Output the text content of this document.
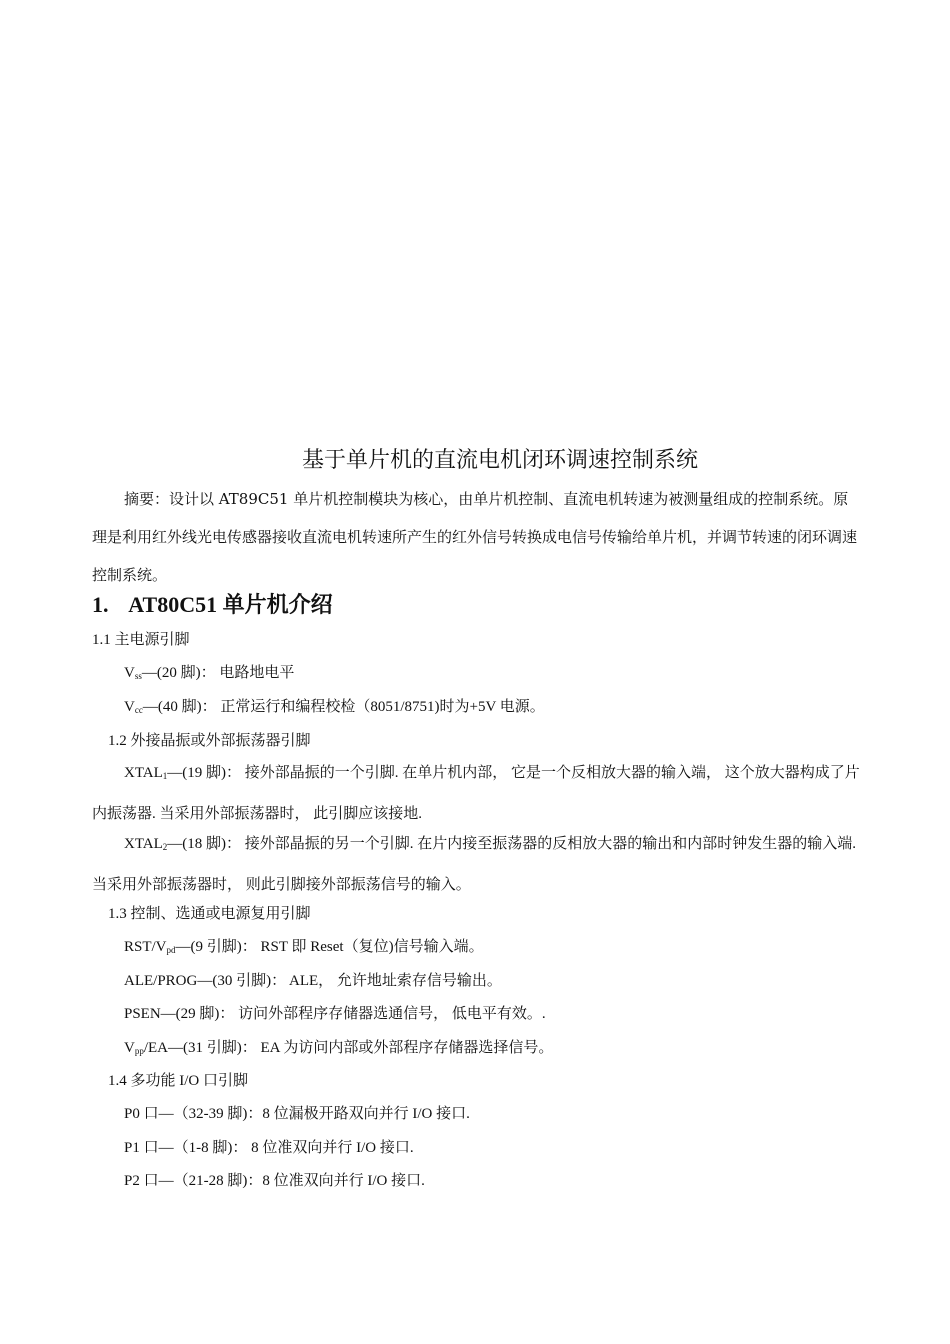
基于单片机的直流电机闭环调速控制系统
摘要：设计以 AT89C51 单片机控制模块为核心，由单片机控制、直流电机转速为被测量组成的控制系统。原理是利用红外线光电传感器接收直流电机转速所产生的红外信号转换成电信号传输给单片机，并调节转速的闭环调速控制系统。
1. AT80C51 单片机介绍
1.1 主电源引脚
$V_{ss}—(20$ 脚)： 电路地电平
$V_{cc}—(40$ 脚)： 正常运行和编程校检（8051/8751)时为+5V 电源。
1.2 外接晶振或外部振荡器引脚
$XTAL_1—(19$ 脚)： 接外部晶振的一个引脚. 在单片机内部， 它是一个反相放大器的输入端， 这个放大器构成了片内振荡器. 当采用外部振荡器时， 此引脚应该接地.
$XTAL_2—(18$ 脚)： 接外部晶振的另一个引脚. 在片内接至振荡器的反相放大器的输出和内部时钟发生器的输入端. 当采用外部振荡器时， 则此引脚接外部振荡信号的输入。
1.3 控制、选通或电源复用引脚
RST/$V_{pd}—(9$ 引脚)： RST 即 Reset（复位)信号输入端。
ALE/PROG—(30 引脚)： ALE， 允许地址索存信号输出。
PSEN—(29 脚)： 访问外部程序存储器选通信号， 低电平有效。.
$V_{pp}/EA—(31$ 引脚)： EA 为访问内部或外部程序存储器选择信号。
1.4 多功能 I/O 口引脚
P0 口—（32-39 脚)：8 位漏极开路双向并行 I/O 接口.
P1 口—（1-8 脚)： 8 位准双向并行 I/O 接口.
P2 口—（21-28 脚)：8 位准双向并行 I/O 接口.
